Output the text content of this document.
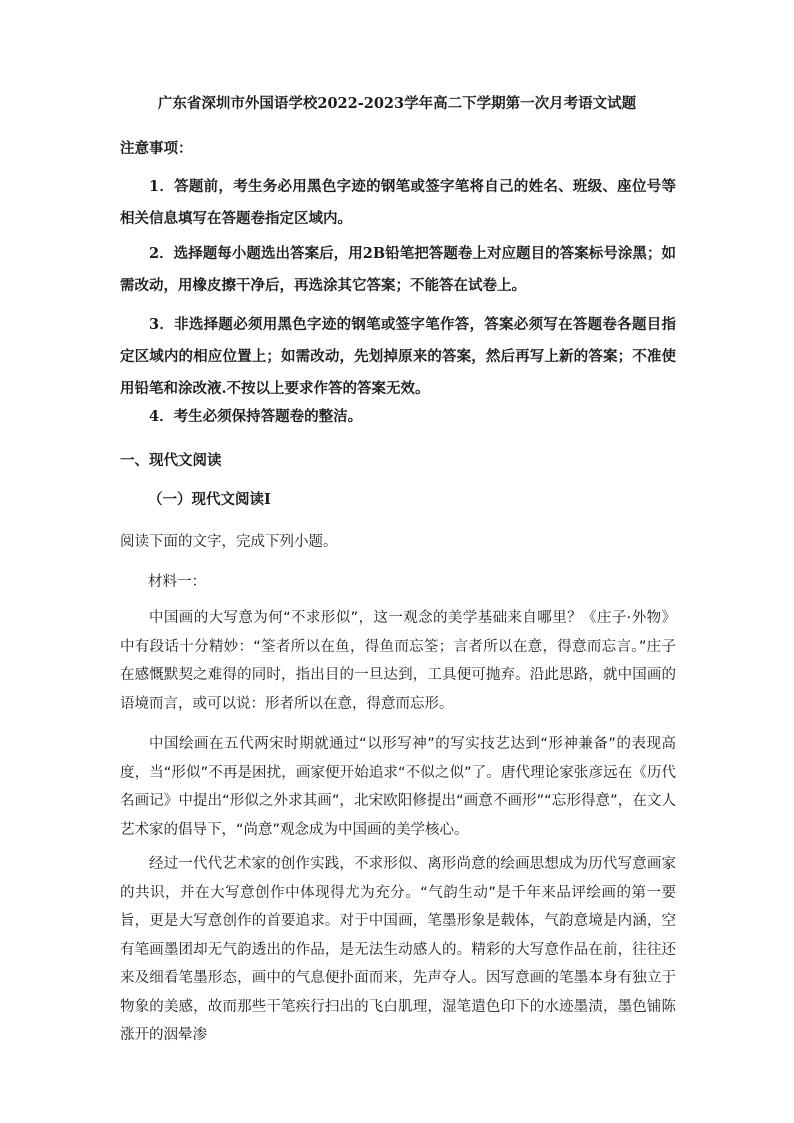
广东省深圳市外国语学校2022-2023学年高二下学期第一次月考语文试题
注意事项：
1．答题前，考生务必用黑色字迹的钢笔或签字笔将自己的姓名、班级、座位号等相关信息填写在答题卷指定区域内。
2．选择题每小题选出答案后，用2B铅笔把答题卷上对应题目的答案标号涂黑；如需改动，用橡皮擦干净后，再选涂其它答案；不能答在试卷上。
3．非选择题必须用黑色字迹的钢笔或签字笔作答，答案必须写在答题卷各题目指定区域内的相应位置上；如需改动，先划掉原来的答案，然后再写上新的答案；不准使用铅笔和涂改液.不按以上要求作答的答案无效。
4．考生必须保持答题卷的整洁。
一、现代文阅读
（一）现代文阅读Ⅰ
阅读下面的文字，完成下列小题。
材料一：
中国画的大写意为何“不求形似”，这一观念的美学基础来自哪里？《庄子·外物》中有段话十分精妙：“筌者所以在鱼，得鱼而忘筌；言者所以在意，得意而忘言。”庄子在感慨默契之难得的同时，指出目的一旦达到，工具便可抛弃。沿此思路，就中国画的语境而言，或可以说：形者所以在意，得意而忘形。
中国绘画在五代两宋时期就通过“以形写神”的写实技艺达到“形神兼备”的表现高度，当“形似”不再是困扰，画家便开始追求“不似之似”了。唐代理论家张彦远在《历代名画记》中提出“形似之外求其画”，北宋欧阳修提出“画意不画形”“忘形得意”，在文人艺术家的倡导下，“尚意”观念成为中国画的美学核心。
经过一代代艺术家的创作实践，不求形似、离形尚意的绘画思想成为历代写意画家的共识，并在大写意创作中体现得尤为充分。“气韵生动”是千年来品评绘画的第一要旨，更是大写意创作的首要追求。对于中国画，笔墨形象是载体，气韵意境是内涵，空有笔画墨团却无气韵透出的作品，是无法生动感人的。精彩的大写意作品在前，往往还来及细看笔墨形态，画中的气息便扑面而来，先声夺人。因写意画的笔墨本身有独立于物象的美感，故而那些干笔疾行扫出的飞白肌理，湿笔遣色印下的水迹墨渍，墨色铺陈涨开的洇晕渗
